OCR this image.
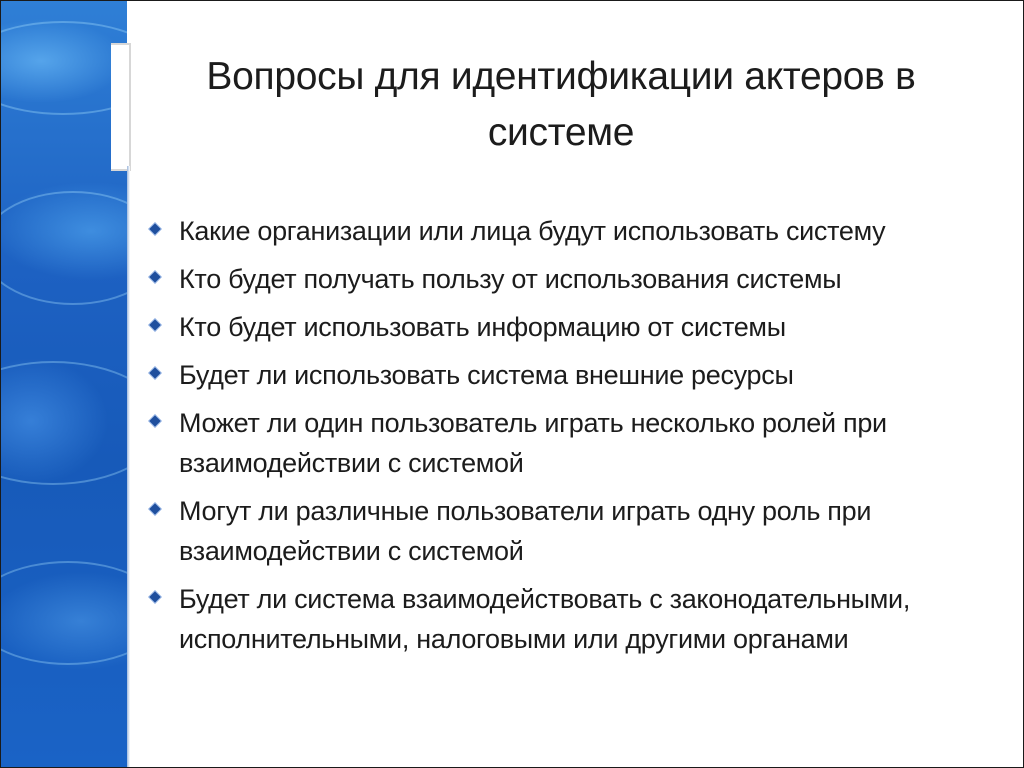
Вопросы для идентификации актеров в системе
Какие организации или лица будут использовать систему
Кто будет получать пользу от использования системы
Кто будет использовать информацию от системы
Будет ли использовать система внешние ресурсы
Может ли один пользователь играть несколько ролей при взаимодействии с системой
Могут ли различные пользователи играть одну роль при взаимодействии с системой
Будет ли система взаимодействовать с законодательными, исполнительными, налоговыми или другими органами
